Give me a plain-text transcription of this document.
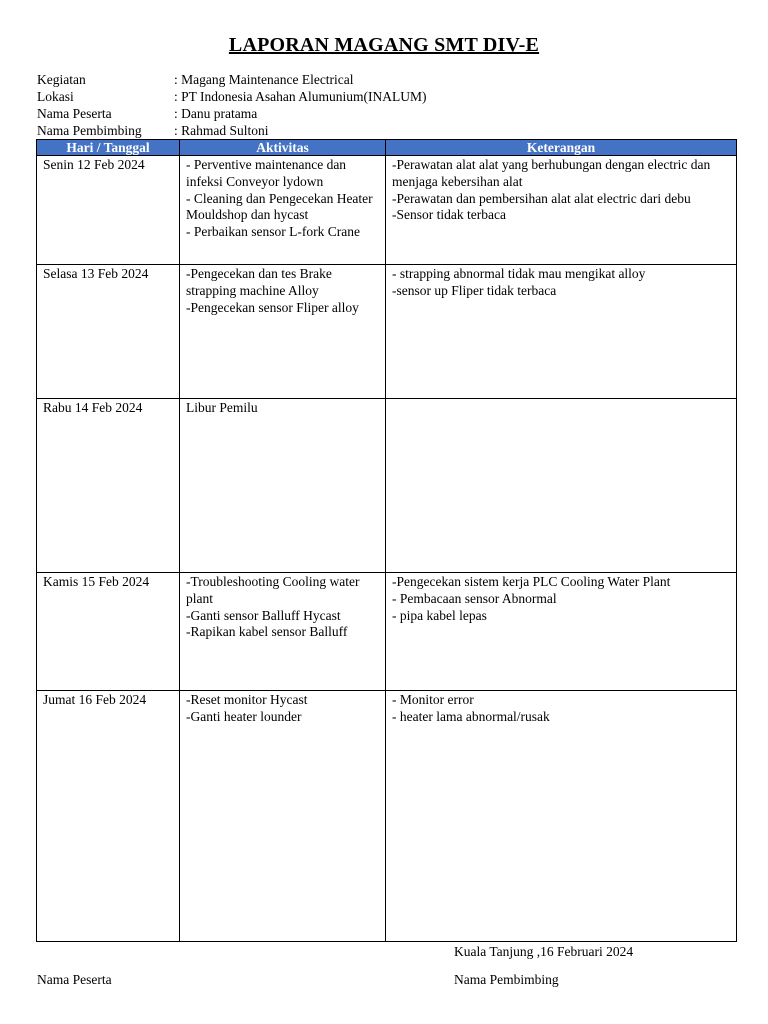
LAPORAN MAGANG SMT DIV-E
Kegiatan	: Magang Maintenance Electrical
Lokasi	: PT Indonesia Asahan Alumunium(INALUM)
Nama Peserta	: Danu pratama
Nama Pembimbing	: Rahmad Sultoni
Hari / Tanggal	Aktivitas	Keterangan
Senin 12 Feb 2024	- Perventive maintenance dan infeksi Conveyor lydown
- Cleaning dan Pengecekan Heater Mouldshop dan hycast
- Perbaikan sensor L-fork Crane	-Perawatan alat alat yang berhubungan dengan electric dan menjaga kebersihan alat
-Perawatan dan pembersihan alat alat electric dari debu
-Sensor tidak terbaca

Selasa 13 Feb 2024	-Pengecekan dan tes Brake strapping machine Alloy
-Pengecekan sensor Fliper alloy	- strapping abnormal tidak mau mengikat alloy
-sensor up Fliper tidak terbaca

Rabu 14 Feb 2024	Libur Pemilu	

Kamis 15 Feb 2024	-Troubleshooting Cooling water plant
-Ganti sensor Balluff Hycast
-Rapikan kabel sensor Balluff	-Pengecekan sistem kerja PLC Cooling Water Plant
- Pembacaan sensor Abnormal
- pipa kabel lepas

Jumat 16 Feb 2024	-Reset monitor Hycast
-Ganti heater lounder	- Monitor error
- heater lama abnormal/rusak
Kuala Tanjung ,16 Februari 2024
Nama Peserta	Nama Pembimbing
